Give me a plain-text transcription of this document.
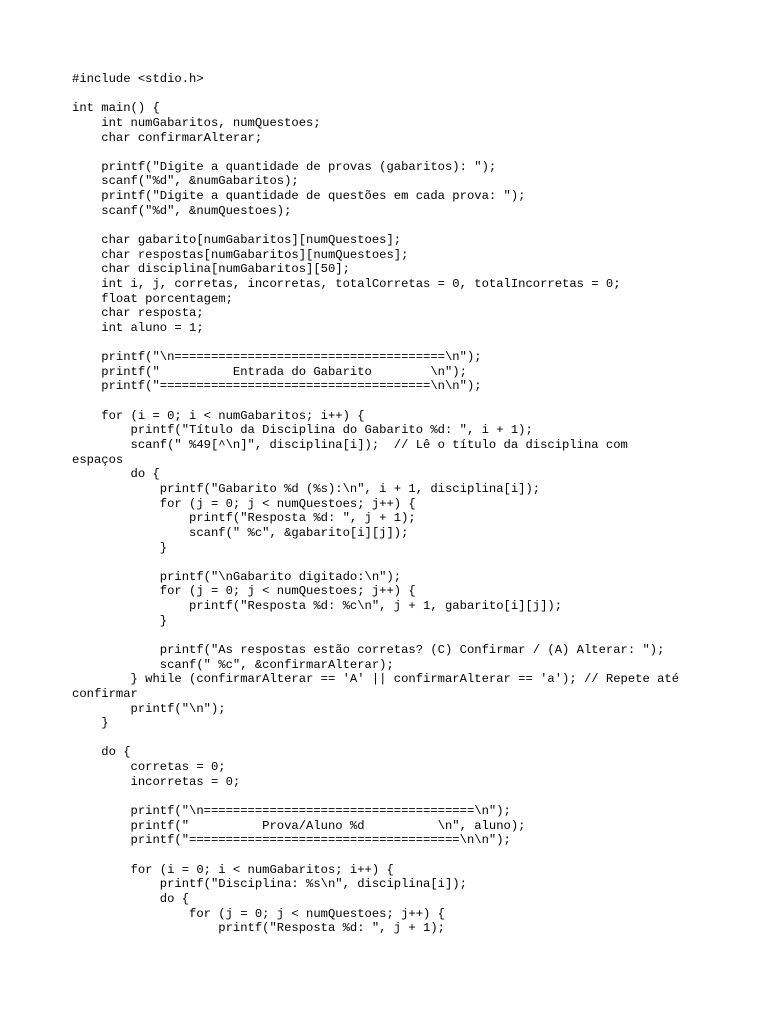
#include <stdio.h>
int main() {
int numGabaritos, numQuestoes;
char confirmarAlterar;
printf("Digite a quantidade de provas (gabaritos): ");
scanf("%d", &numGabaritos);
printf("Digite a quantidade de questões em cada prova: ");
scanf("%d", &numQuestoes);
char gabarito[numGabaritos][numQuestoes];
char respostas[numGabaritos][numQuestoes];
char disciplina[numGabaritos][50];
int i, j, corretas, incorretas, totalCorretas = 0, totalIncorretas = 0;
float porcentagem;
char resposta;
int aluno = 1;
printf("\n=====================================\n");
printf("          Entrada do Gabarito        \n");
printf("=====================================\n\n");
for (i = 0; i < numGabaritos; i++) {
printf("Título da Disciplina do Gabarito %d: ", i + 1);
scanf(" %49[^\n]", disciplina[i]);  // Lê o título da disciplina com
espaços
do {
printf("Gabarito %d (%s):\n", i + 1, disciplina[i]);
for (j = 0; j < numQuestoes; j++) {
printf("Resposta %d: ", j + 1);
scanf(" %c", &gabarito[i][j]);
}
printf("\nGabarito digitado:\n");
for (j = 0; j < numQuestoes; j++) {
printf("Resposta %d: %c\n", j + 1, gabarito[i][j]);
}
printf("As respostas estão corretas? (C) Confirmar / (A) Alterar: ");
scanf(" %c", &confirmarAlterar);
} while (confirmarAlterar == 'A' || confirmarAlterar == 'a'); // Repete até
confirmar
printf("\n");
}
do {
corretas = 0;
incorretas = 0;
printf("\n=====================================\n");
printf("          Prova/Aluno %d          \n", aluno);
printf("=====================================\n\n");
for (i = 0; i < numGabaritos; i++) {
printf("Disciplina: %s\n", disciplina[i]);
do {
for (j = 0; j < numQuestoes; j++) {
printf("Resposta %d: ", j + 1);
